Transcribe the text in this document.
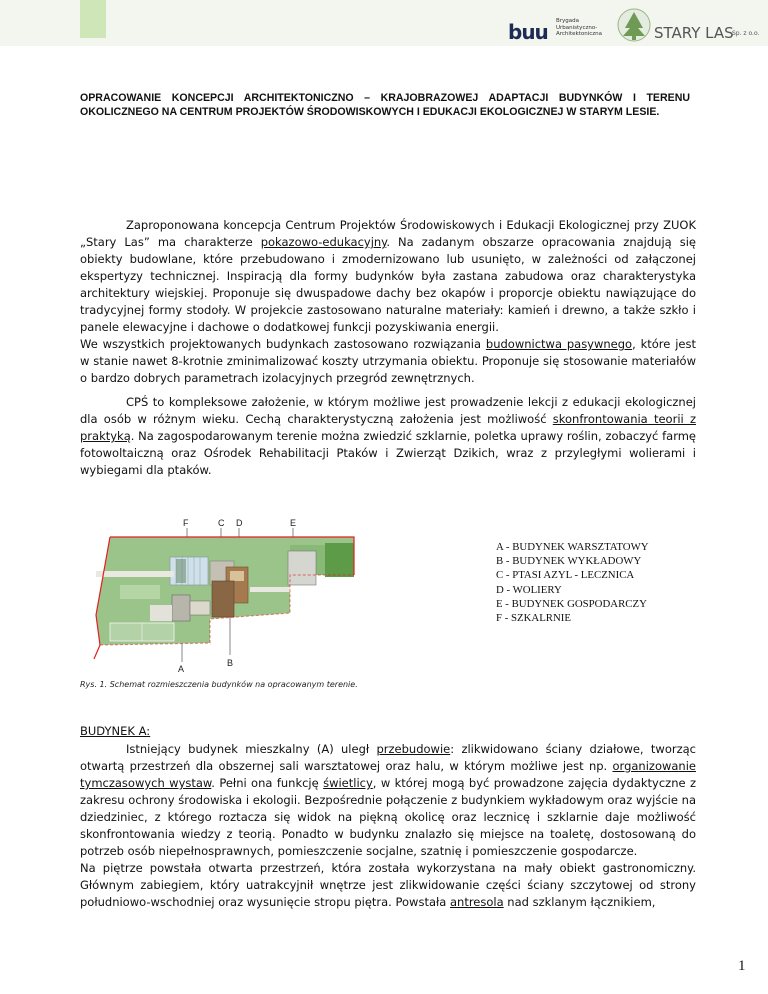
buu Brygada
Urbanistyczno-
Architektoniczna	STARY LAS
Sp. z o.o.
OPRACOWANIE KONCEPCJI ARCHITEKTONICZNO – KRAJOBRAZOWEJ ADAPTACJI BUDYNKÓW I TERENU OKOLICZNEGO NA CENTRUM PROJEKTÓW ŚRODOWISKOWYCH I EDUKACJI EKOLOGICZNEJ W STARYM LESIE.

Zaproponowana koncepcja Centrum Projektów Środowiskowych i Edukacji Ekologicznej przy ZUOK „Stary Las” ma charakterze pokazowo-edukacyjny. Na zadanym obszarze opracowania znajdują się obiekty budowlane, które przebudowano i zmodernizowano lub usunięto, w zależności od załączonej ekspertyzy technicznej. Inspiracją dla formy budynków była zastana zabudowa oraz charakterystyka architektury wiejskiej. Proponuje się dwuspadowe dachy bez okapów i proporcje obiektu nawiązujące do tradycyjnej formy stodoły. W projekcie zastosowano naturalne materiały: kamień i drewno, a także szkło i panele elewacyjne i dachowe o dodatkowej funkcji pozyskiwania energii.

We wszystkich projektowanych budynkach zastosowano rozwiązania budownictwa pasywnego, które jest w stanie nawet 8-krotnie zminimalizować koszty utrzymania obiektu. Proponuje się stosowanie materiałów o bardzo dobrych parametrach izolacyjnych przegród zewnętrznych.

CPŚ to kompleksowe założenie, w którym możliwe jest prowadzenie lekcji z edukacji ekologicznej dla osób w różnym wieku. Cechą charakterystyczną założenia jest możliwość skonfrontowania teorii z praktyką. Na zagospodarowanym terenie można zwiedzić szklarnie, poletka uprawy roślin, zobaczyć farmę fotowoltaiczną oraz Ośrodek Rehabilitacji Ptaków i Zwierząt Dzikich, wraz z przyległymi wolierami i wybiegami dla ptaków.

F	C D	E
A
B
A - BUDYNEK WARSZTATOWY
B - BUDYNEK WYKŁADOWY
C - PTASI AZYL - LECZNICA
D - WOLIERY
E - BUDYNEK GOSPODARCZY
F - SZKALRNIE
Rys. 1. Schemat rozmieszczenia budynków na opracowanym terenie.
BUDYNEK A:

Istniejący budynek mieszkalny (A) uległ przebudowie: zlikwidowano ściany działowe, tworząc otwartą przestrzeń dla obszernej sali warsztatowej oraz halu, w którym możliwe jest np. organizowanie tymczasowych wystaw. Pełni ona funkcję świetlicy, w której mogą być prowadzone zajęcia dydaktyczne z zakresu ochrony środowiska i ekologii. Bezpośrednie połączenie z budynkiem wykładowym oraz wyjście na dziedziniec, z którego roztacza się widok na piękną okolicę oraz lecznicę i szklarnie daje możliwość skonfrontowania wiedzy z teorią. Ponadto w budynku znalazło się miejsce na toaletę, dostosowaną do potrzeb osób niepełnosprawnych, pomieszczenie socjalne, szatnię i pomieszczenie gospodarcze.

Na piętrze powstała otwarta przestrzeń, która została wykorzystana na mały obiekt gastronomiczny. Głównym zabiegiem, który uatrakcyjnił wnętrze jest zlikwidowanie części ściany szczytowej od strony południowo-wschodniej oraz wysunięcie stropu piętra. Powstała antresola nad szklanym łącznikiem,

1
